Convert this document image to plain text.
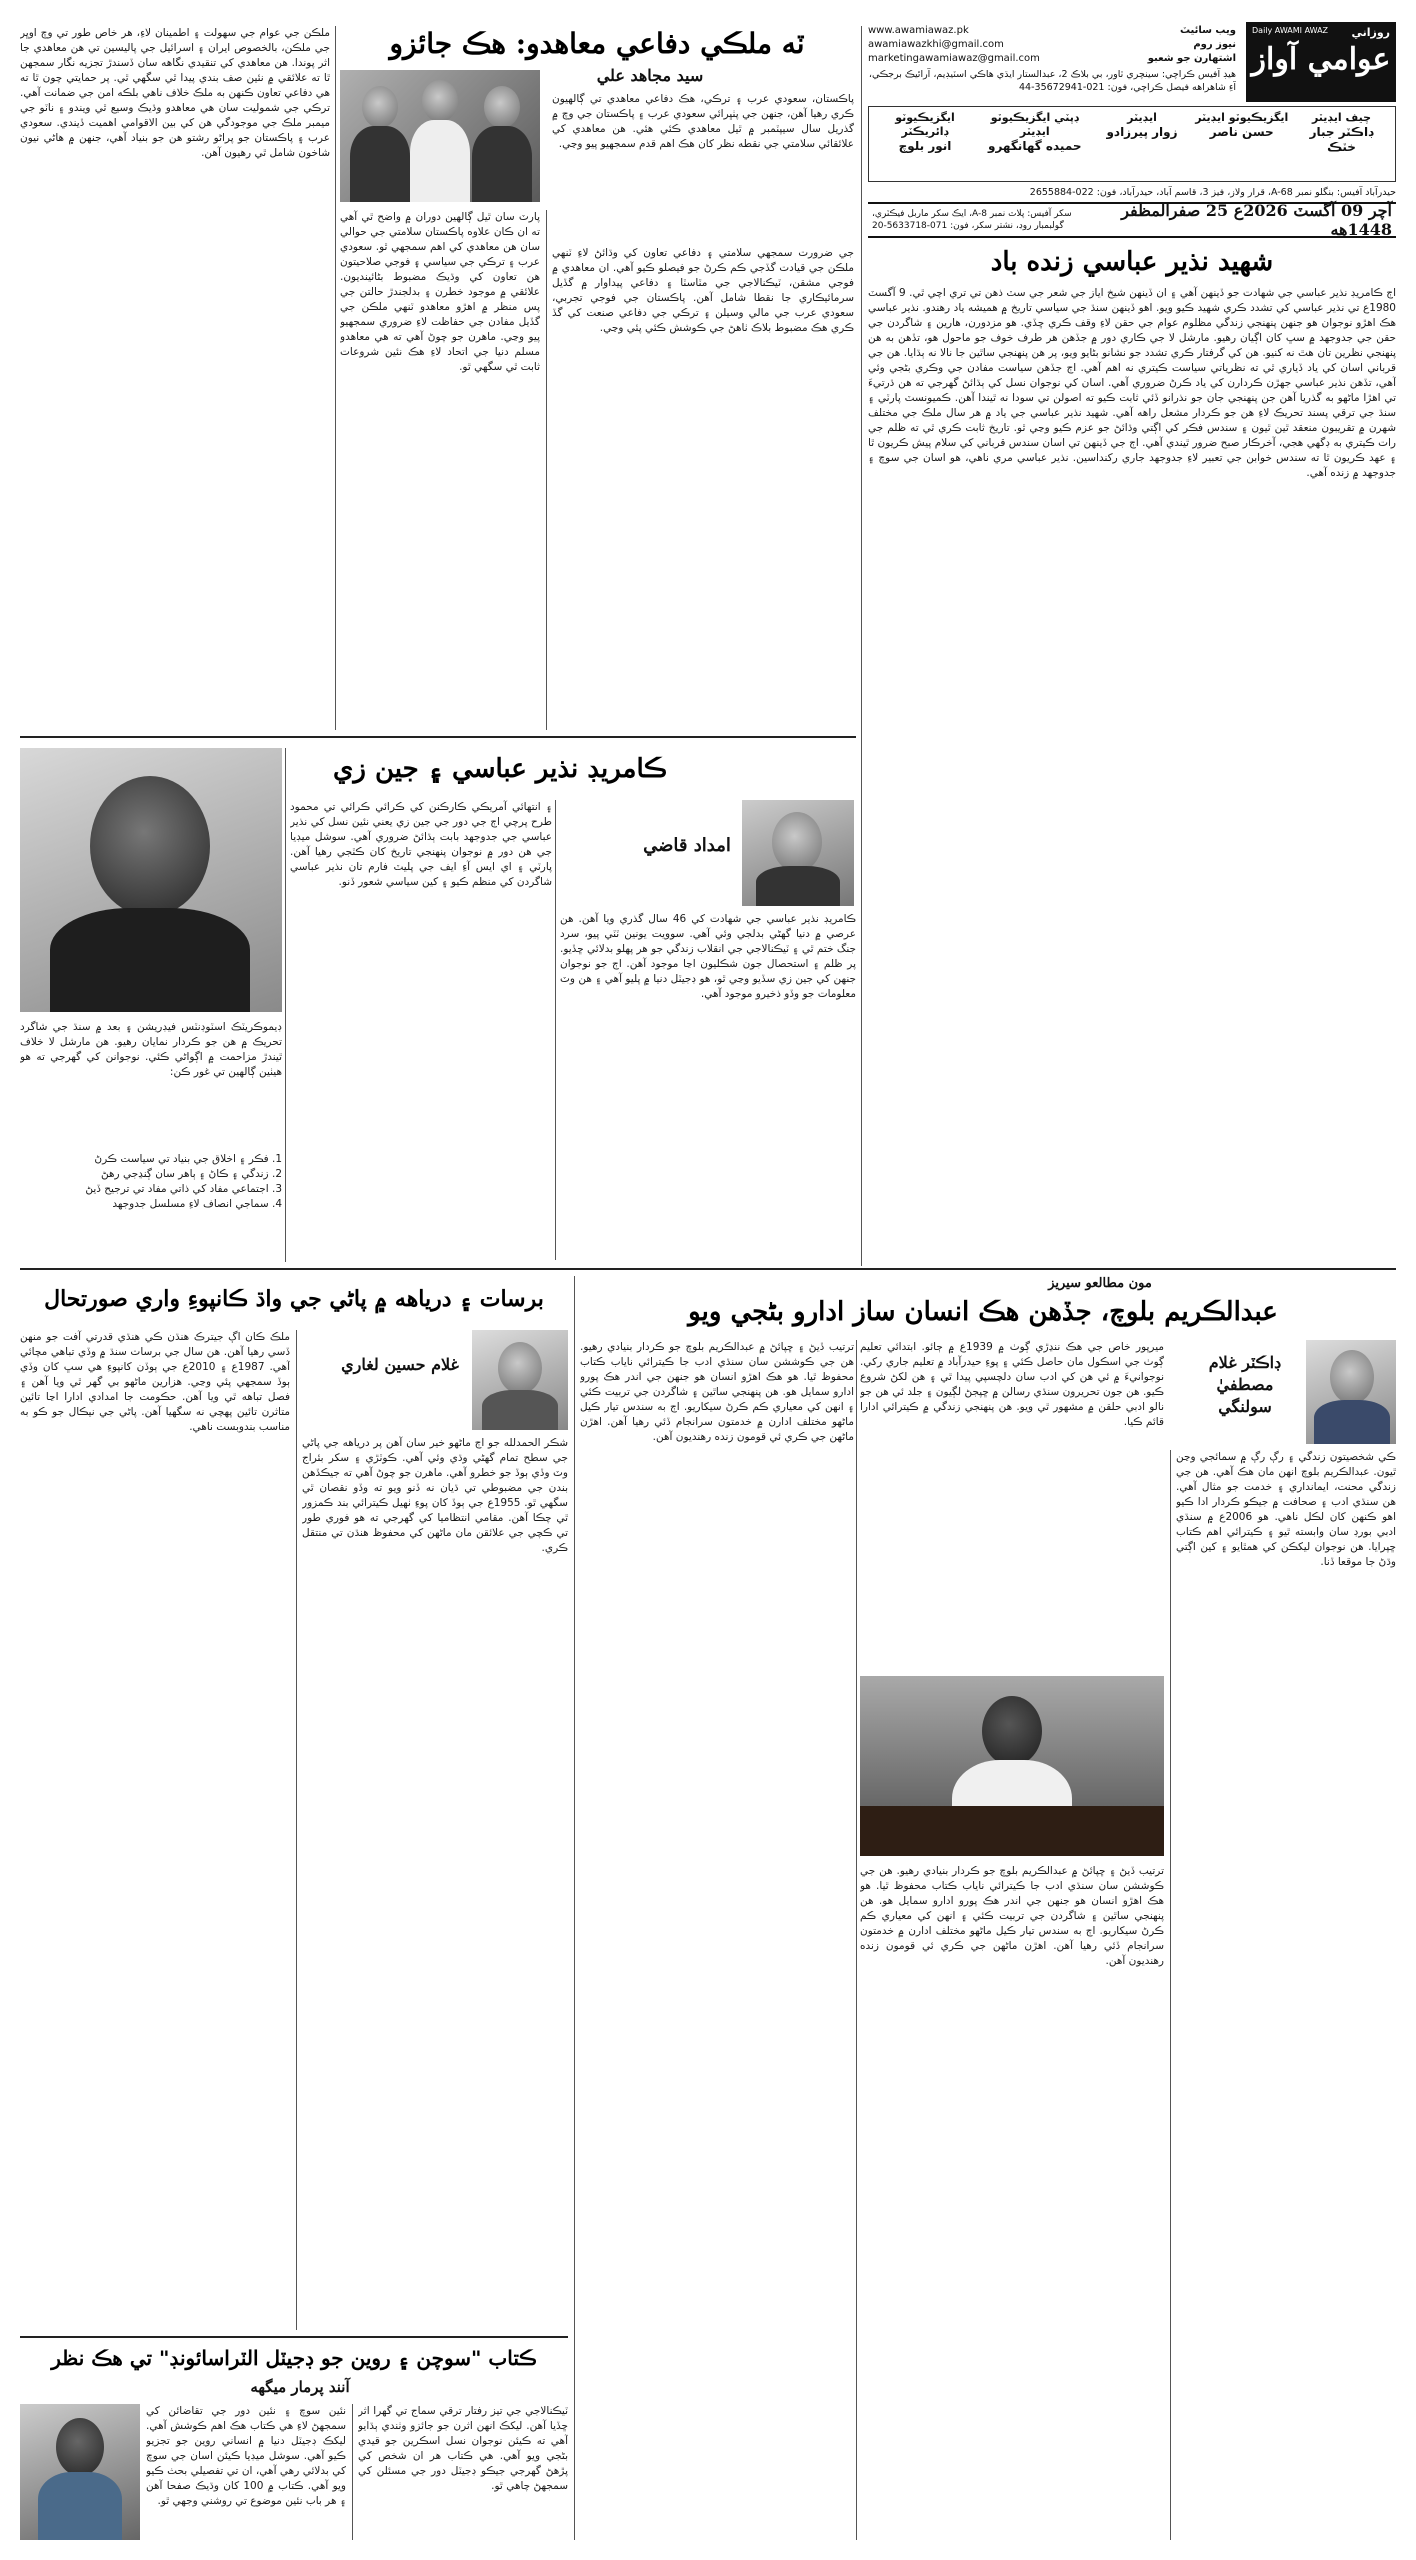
روزاني
عوامي آواز
Daily AWAMI AWAZ
ويب سائيٽ
www.awamiawaz.pk
نيوز روم
awamiawazkhi@gmail.com
اشتهارن جو شعبو
marketingawamiawaz@gmail.com
هيڊ آفيس ڪراچي: سينچري ٽاور، بي بلاڪ 2، عبدالستار ايڌي هاڪي اسٽيڊيم، آرائيڪ برجڪي، آءِ شاهراهه فيصل ڪراچي، فون: 021-35672941-44
چيف ايڊيٽر
ڊاڪٽر جبار خٽڪ
ايگزيڪيوٽو ايڊيٽر
حسن ناصر
ايڊيٽر
زوار پيرزادو
ڊپٽي ايگزيڪيوٽو ايڊيٽر
حميده گهانگهرو
ايگزيڪيوٽو ڊائريڪٽر
انور بلوچ
حيدرآباد آفيس: بنگلو نمبر A-68، قرار ولاز، فيز 3، قاسم آباد، حيدرآباد، فون: 022-2655884
آچر 09 آگسٽ 2026ع 25 صفرالمظفر 1448هه
سکر آفيس: پلاٽ نمبر A-8، ايڪ سکر ماربل فيڪٽري، گولبمبار روڊ، نشتر سکر، فون: 071-5633718-20
ٽه ملڪي دفاعي معاهدو: هڪ جائزو
سيد مجاهد علي
پاڪستان، سعودي عرب ۽ ترڪي، هڪ دفاعي معاهدي تي ڳالهيون ڪري رهيا آهن، جنهن جي پٺڀرائي سعودي عرب ۽ پاڪستان جي وچ ۾ گذريل سال سيپٽمبر ۾ ٿيل معاهدي ڪئي هئي. هن معاهدي کي علائقائي سلامتي جي نقطه نظر کان هڪ اهم قدم سمجهيو پيو وڃي.
پارٽ سان ٿيل ڳالهين دوران ۾ واضح ٿي آهي ته ان ڪان علاوه پاڪستان سلامتي جي حوالي سان هن معاهدي کي اهم سمجهي ٿو. سعودي عرب ۽ ترڪي جي سياسي ۽ فوجي صلاحيتون هن تعاون کي وڌيڪ مضبوط بڻائينديون. علائقي ۾ موجود خطرن ۽ بدلجندڙ حالتن جي پس منظر ۾ اهڙو معاهدو ٽنهي ملڪن جي گڏيل مفادن جي حفاظت لاءِ ضروري سمجهيو پيو وڃي. ماهرن جو چوڻ آهي ته هي معاهدو مسلم دنيا جي اتحاد لاءِ هڪ نئين شروعات ثابت ٿي سگهي ٿو.
جي ضرورت سمجهي سلامتي ۽ دفاعي تعاون کي وڌائڻ لاءِ ٽنهي ملڪن جي قيادت گڏجي ڪم ڪرڻ جو فيصلو ڪيو آهي. ان معاهدي ۾ فوجي مشقن، ٽيڪنالاجي جي مٽاسٽا ۽ دفاعي پيداوار ۾ گڏيل سرمائيڪاري جا نقطا شامل آهن. پاڪستان جي فوجي تجربي، سعودي عرب جي مالي وسيلن ۽ ترڪي جي دفاعي صنعت کي گڏ ڪري هڪ مضبوط بلاڪ ٺاهڻ جي ڪوشش ڪئي پئي وڃي.
ملڪن جي عوام جي سهولت ۽ اطمينان لاءِ، هر خاص طور تي وچ اوڀر جي ملڪن، بالخصوص ايران ۽ اسرائيل جي پاليسين تي هن معاهدي جا اثر پوندا. هن معاهدي کي تنقيدي نگاهه سان ڏسندڙ تجزيه نگار سمجهن ٿا ته علائقي ۾ نئين صف بندي پيدا ٿي سگهي ٿي. پر حمايتي چون ٿا ته هي دفاعي تعاون ڪنهن به ملڪ خلاف ناهي بلڪه امن جي ضمانت آهي. ترڪي جي شموليت سان هي معاهدو وڌيڪ وسيع ٿي ويندو ۽ ناٽو جي ميمبر ملڪ جي موجودگي هن کي بين الاقوامي اهميت ڏيندي. سعودي عرب ۽ پاڪستان جو پراڻو رشتو هن جو بنياد آهي، جنهن ۾ هاڻي نيون شاخون شامل ٿي رهيون آهن.
شهيد نذير عباسي زنده باد
اڄ ڪامريڊ نذير عباسي جي شهادت جو ڏينهن آهي ۽ ان ڏينهن شيخ اياز جي شعر جي سٽ ذهن تي تري اچي ٿي. 9 آگسٽ 1980ع تي نذير عباسي کي تشدد ڪري شهيد ڪيو ويو. اهو ڏينهن سنڌ جي سياسي تاريخ ۾ هميشه ياد رهندو. نذير عباسي هڪ اهڙو نوجوان هو جنهن پنهنجي زندگي مظلوم عوام جي حقن لاءِ وقف ڪري ڇڏي. هو مزدورن، هارين ۽ شاگردن جي حقن جي جدوجهد ۾ سڀ کان اڳيان رهيو. مارشل لا جي ڪاري دور ۾ جڏهن هر طرف خوف جو ماحول هو، تڏهن به هن پنهنجي نظرين تان هٿ نه کنيو. هن کي گرفتار ڪري تشدد جو نشانو بڻايو ويو، پر هن پنهنجي ساٿين جا نالا نه ٻڌايا. هن جي قرباني اسان کي ياد ڏياري ٿي ته نظرياتي سياست ڪيتري نه اهم آهي. اڄ جڏهن سياست مفادن جي وڪري بڻجي وئي آهي، تڏهن نذير عباسي جهڙن ڪردارن کي ياد ڪرڻ ضروري آهي. اسان کي نوجوان نسل کي ٻڌائڻ گهرجي ته هن ڌرتيءَ تي اهڙا ماڻهو به گذريا آهن جن پنهنجي جان جو نذرانو ڏئي ثابت ڪيو ته اصولن تي سودا نه ٿيندا آهن. ڪميونسٽ پارٽي ۽ سنڌ جي ترقي پسند تحريڪ لاءِ هن جو ڪردار مشعل راهه آهي. شهيد نذير عباسي جي ياد ۾ هر سال ملڪ جي مختلف شهرن ۾ تقريبون منعقد ٿين ٿيون ۽ سندس فڪر کي اڳتي وڌائڻ جو عزم ڪيو وڃي ٿو. تاريخ ثابت ڪري ٿي ته ظلم جي رات ڪيتري به ڊگهي هجي، آخرڪار صبح ضرور ٿيندي آهي. اڄ جي ڏينهن تي اسان سندس قرباني کي سلام پيش ڪريون ٿا ۽ عهد ڪريون ٿا ته سندس خوابن جي تعبير لاءِ جدوجهد جاري رکنداسين. نذير عباسي مري ناهي، هو اسان جي سوچ ۽ جدوجهد ۾ زنده آهي.
ڪامريڊ نذير عباسي ۽ جين زي
امداد قاضي
ڪامريڊ نذير عباسي جي شهادت کي 46 سال گذري ويا آهن. هن عرصي ۾ دنيا گهڻي بدلجي وئي آهي. سوويت يونين ٽٽي پيو، سرد جنگ ختم ٿي ۽ ٽيڪنالاجي جي انقلاب زندگي جو هر پهلو بدلائي ڇڏيو. پر ظلم ۽ استحصال جون شڪليون اڃا موجود آهن. اڄ جو نوجوان جنهن کي جين زي سڏيو وڃي ٿو، هو ڊجيٽل دنيا ۾ پليو آهي ۽ هن وٽ معلومات جو وڏو ذخيرو موجود آهي.
۽ انتهائي آمريڪي ڪارڪنن کي ڪرائي ڪرائي تي محمود طرح پرچي اڄ جي دور جي جين زي يعني نئين نسل کي نذير عباسي جي جدوجهد بابت ٻڌائڻ ضروري آهي. سوشل ميڊيا جي هن دور ۾ نوجوان پنهنجي تاريخ کان ڪٽجي رهيا آهن. پارٽي ۽ اي ايس آءِ ايف جي پليٽ فارم تان نذير عباسي شاگردن کي منظم ڪيو ۽ کين سياسي شعور ڏنو.
ڊيموڪريٽڪ اسٽوڊنٽس فيڊريشن ۽ بعد ۾ سنڌ جي شاگرد تحريڪ ۾ هن جو ڪردار نمايان رهيو. هن مارشل لا خلاف ٿيندڙ مزاحمت ۾ اڳواڻي ڪئي. نوجوانن کي گهرجي ته هو هيٺين ڳالهين تي غور ڪن:
1. فڪر ۽ اخلاق جي بنياد تي سياست ڪرڻ
2. زندگي ۽ ڪاڻ ۽ ٻاهر سان ڳنڍجي رهڻ
3. اجتماعي مفاد کي ذاتي مفاد تي ترجيح ڏيڻ
4. سماجي انصاف لاءِ مسلسل جدوجهد
مون مطالعو سيريز
عبدالڪريم بلوچ، جڏهن هڪ انسان ساز ادارو بڻجي ويو
ڊاڪٽر غلام مصطفيٰ سولنگي
ڪي شخصيتون زندگي ۽ رڳ رڳ ۾ سمائجي وڃن ٿيون. عبدالڪريم بلوچ انهن مان هڪ آهي. هن جي زندگي محنت، ايمانداري ۽ خدمت جو مثال آهي. هن سنڌي ادب ۽ صحافت ۾ جيڪو ڪردار ادا ڪيو اهو ڪنهن کان لڪل ناهي. هو 2006ع ۾ سنڌي ادبي بورڊ سان وابسته ٿيو ۽ ڪيترائي اهم ڪتاب ڇپرايا. هن نوجوان ليکڪن کي همٿايو ۽ کين اڳتي وڌڻ جا موقعا ڏنا.
ميرپور خاص جي هڪ ننڍڙي ڳوٺ ۾ 1939ع ۾ ڄائو. ابتدائي تعليم ڳوٺ جي اسڪول مان حاصل ڪئي ۽ پوءِ حيدرآباد ۾ تعليم جاري رکي. نوجوانيءَ ۾ ئي هن کي ادب سان دلچسپي پيدا ٿي ۽ هن لکڻ شروع ڪيو. هن جون تحريرون سنڌي رسالن ۾ ڇپجڻ لڳيون ۽ جلد ئي هن جو نالو ادبي حلقن ۾ مشهور ٿي ويو. هن پنهنجي زندگي ۾ ڪيترائي ادارا قائم ڪيا.
ترتيب ڏيڻ ۽ ڇپائڻ ۾ عبدالڪريم بلوچ جو ڪردار بنيادي رهيو. هن جي ڪوششن سان سنڌي ادب جا ڪيترائي ناياب ڪتاب محفوظ ٿيا. هو هڪ اهڙو انسان هو جنهن جي اندر هڪ پورو ادارو سمايل هو. هن پنهنجي ساٿين ۽ شاگردن جي تربيت ڪئي ۽ انهن کي معياري ڪم ڪرڻ سيکاريو. اڄ به سندس تيار ڪيل ماڻهو مختلف ادارن ۾ خدمتون سرانجام ڏئي رهيا آهن. اهڙن ماڻهن جي ڪري ئي قومون زنده رهنديون آهن.
ترتيب ڏيڻ ۽ ڇپائڻ ۾ عبدالڪريم بلوچ جو ڪردار بنيادي رهيو. هن جي ڪوششن سان سنڌي ادب جا ڪيترائي ناياب ڪتاب محفوظ ٿيا. هو هڪ اهڙو انسان هو جنهن جي اندر هڪ پورو ادارو سمايل هو. هن پنهنجي ساٿين ۽ شاگردن جي تربيت ڪئي ۽ انهن کي معياري ڪم ڪرڻ سيکاريو. اڄ به سندس تيار ڪيل ماڻهو مختلف ادارن ۾ خدمتون سرانجام ڏئي رهيا آهن. اهڙن ماڻهن جي ڪري ئي قومون زنده رهنديون آهن.
برسات ۽ درياهه ۾ پاڻي جي واڌ ڪانپوءِ واري صورتحال
غلام حسين لغاري
ملڪ ڪان اڳ جيترڪ هنڌن ڪي هنڌي قدرتي آفت جو منهن ڏسي رهيا آهن. هن سال جي برسات سنڌ ۾ وڏي تباهي مچائي آهي. 1987ع ۽ 2010ع جي ٻوڏن کانپوءِ هي سڀ کان وڏي ٻوڏ سمجهي پئي وڃي. هزارين ماڻهو بي گهر ٿي ويا آهن ۽ فصل تباهه ٿي ويا آهن. حڪومت جا امدادي ادارا اڃا تائين متاثرن تائين پهچي نه سگهيا آهن. پاڻي جي نيڪال جو ڪو به مناسب بندوبست ناهي.
شڪر الحمدلله جو اڄ ماڻهو خير سان آهن پر درياهه جي پاڻي جي سطح تمام گهڻي وڌي وئي آهي. ڪوٽڙي ۽ سکر بئراج وٽ وڏي ٻوڏ جو خطرو آهي. ماهرن جو چوڻ آهي ته جيڪڏهن بندن جي مضبوطي تي ڌيان نه ڏنو ويو ته وڏو نقصان ٿي سگهي ٿو. 1955ع جي ٻوڏ کان پوءِ ٺهيل ڪيترائي بند ڪمزور ٿي چڪا آهن. مقامي انتظاميا کي گهرجي ته هو فوري طور تي ڪچي جي علائقن مان ماڻهن کي محفوظ هنڌن تي منتقل ڪري.
ڪتاب "سوچن ۽ روين جو ڊجيٽل الٽراسائونڊ" تي هڪ نظر
آنند پرمار ميگهه
نئين سوچ ۽ نئين دور جي تقاضائن کي سمجهڻ لاءِ هي ڪتاب هڪ اهم ڪوشش آهي. ليکڪ ڊجيٽل دنيا ۾ انساني روين جو تجزيو ڪيو آهي. سوشل ميڊيا ڪيئن اسان جي سوچ کي بدلائي رهي آهي، ان تي تفصيلي بحث ڪيو ويو آهي. ڪتاب ۾ 100 کان وڌيڪ صفحا آهن ۽ هر باب نئين موضوع تي روشني وجهي ٿو.
ٽيڪنالاجي جي تيز رفتار ترقي سماج تي گهرا اثر ڇڏيا آهن. ليکڪ انهن اثرن جو جائزو وٺندي ٻڌايو آهي ته ڪيئن نوجوان نسل اسڪرين جو قيدي بڻجي ويو آهي. هي ڪتاب هر ان شخص کي پڙهڻ گهرجي جيڪو ڊجيٽل دور جي مسئلن کي سمجهڻ چاهي ٿو.
